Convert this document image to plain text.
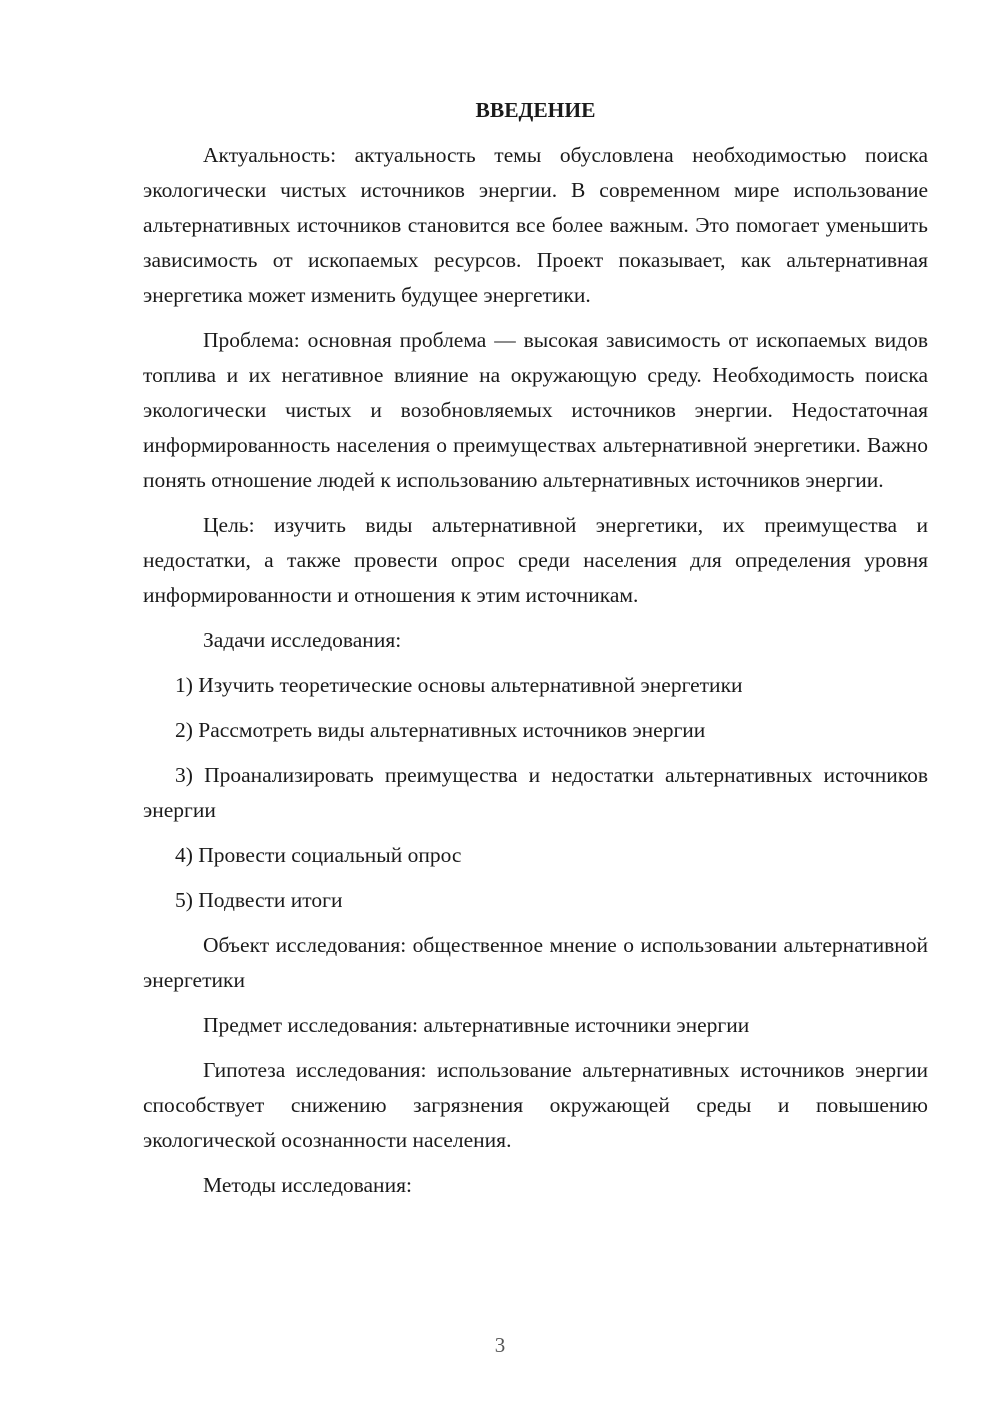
ВВЕДЕНИЕ

Актуальность: актуальность темы обусловлена необходимостью поиска экологически чистых источников энергии. В современном мире использование альтернативных источников становится все более важным. Это помогает уменьшить зависимость от ископаемых ресурсов. Проект показывает, как альтернативная энергетика может изменить будущее энергетики.

Проблема: основная проблема — высокая зависимость от ископаемых видов топлива и их негативное влияние на окружающую среду. Необходимость поиска экологически чистых и возобновляемых источников энергии. Недостаточная информированность населения о преимуществах альтернативной энергетики. Важно понять отношение людей к использованию альтернативных источников энергии.

Цель: изучить виды альтернативной энергетики, их преимущества и недостатки, а также провести опрос среди населения для определения уровня информированности и отношения к этим источникам.

Задачи исследования:

1) Изучить теоретические основы альтернативной энергетики

2) Рассмотреть виды альтернативных источников энергии

3) Проанализировать преимущества и недостатки альтернативных источников энергии

4) Провести социальный опрос

5) Подвести итоги

Объект исследования: общественное мнение о использовании альтернативной энергетики

Предмет исследования: альтернативные источники энергии

Гипотеза исследования: использование альтернативных источников энергии способствует снижению загрязнения окружающей среды и повышению экологической осознанности населения.

Методы исследования:

3
